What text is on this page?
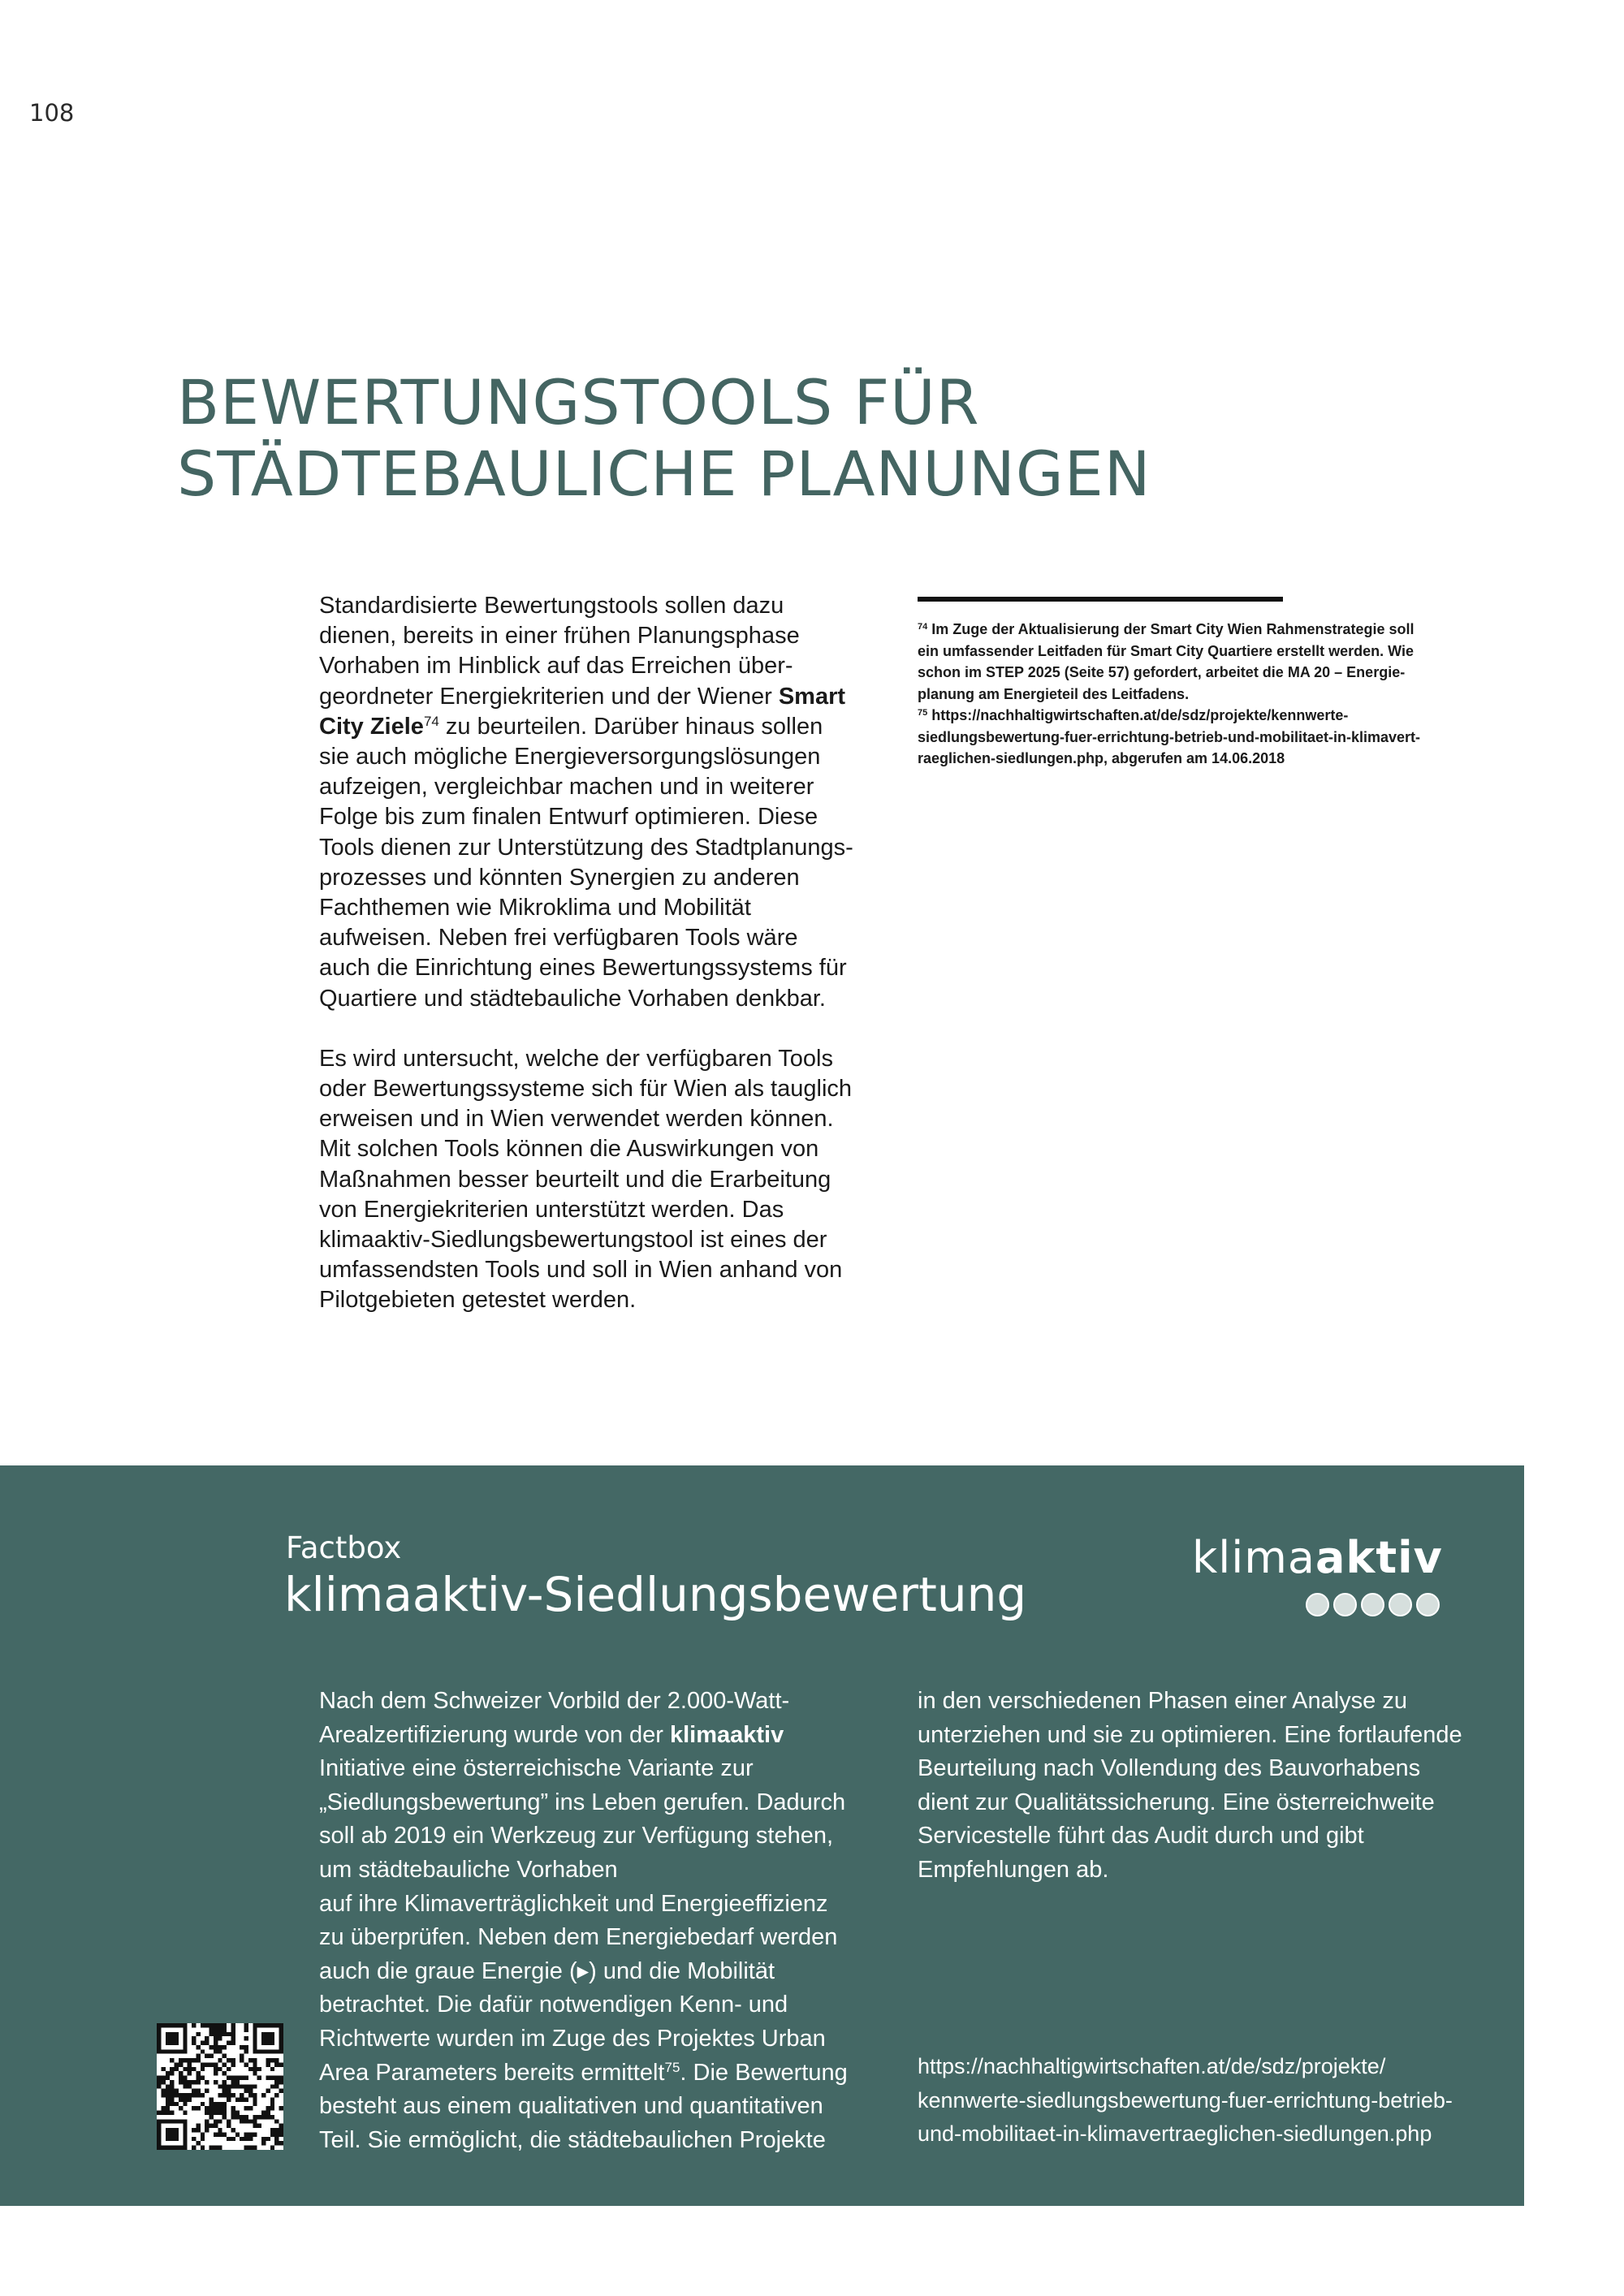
108
BEWERTUNGSTOOLS FÜR
STÄDTEBAULICHE PLANUNGEN

Standardisierte Bewertungstools sollen dazu
dienen, bereits in einer frühen Planungsphase
Vorhaben im Hinblick auf das Erreichen über-
geordneter Energiekriterien und der Wiener Smart
City Ziele$^{74}$ zu beurteilen. Darüber hinaus sollen
sie auch mögliche Energieversorgungslösungen
aufzeigen, vergleichbar machen und in weiterer
Folge bis zum finalen Entwurf optimieren. Diese
Tools dienen zur Unterstützung des Stadtplanungs-
prozesses und könnten Synergien zu anderen
Fachthemen wie Mikroklima und Mobilität
aufweisen. Neben frei verfügbaren Tools wäre
auch die Einrichtung eines Bewertungssystems für
Quartiere und städtebauliche Vorhaben denkbar.

Es wird untersucht, welche der verfügbaren Tools
oder Bewertungssysteme sich für Wien als tauglich
erweisen und in Wien verwendet werden können.
Mit solchen Tools können die Auswirkungen von
Maßnahmen besser beurteilt und die Erarbeitung
von Energiekriterien unterstützt werden. Das
klimaaktiv-Siedlungsbewertungstool ist eines der
umfassendsten Tools und soll in Wien anhand von
Pilotgebieten getestet werden.

$^{74}$ Im Zuge der Aktualisierung der Smart City Wien Rahmenstrategie soll
ein umfassender Leitfaden für Smart City Quartiere erstellt werden. Wie
schon im STEP 2025 (Seite 57) gefordert, arbeitet die MA 20 – Energie-
planung am Energieteil des Leitfadens.
$^{75}$ https://nachhaltigwirtschaften.at/de/sdz/projekte/kennwerte-
siedlungsbewertung-fuer-errichtung-betrieb-und-mobilitaet-in-klimavert-
raeglichen-siedlungen.php, abgerufen am 14.06.2018
Factbox
klimaaktiv-Siedlungsbewertung
klimaaktiv
Nach dem Schweizer Vorbild der 2.000-Watt-
Arealzertifizierung wurde von der klimaaktiv
Initiative eine österreichische Variante zur
„Siedlungsbewertung” ins Leben gerufen. Dadurch
soll ab 2019 ein Werkzeug zur Verfügung stehen,
um städtebauliche Vorhaben
auf ihre Klimaverträglichkeit und Energieeffizienz
zu überprüfen. Neben dem Energiebedarf werden
auch die graue Energie (▸) und die Mobilität
betrachtet. Die dafür notwendigen Kenn- und
Richtwerte wurden im Zuge des Projektes Urban
Area Parameters bereits ermittelt$^{75}$. Die Bewertung
besteht aus einem qualitativen und quantitativen
Teil. Sie ermöglicht, die städtebaulichen Projekte
in den verschiedenen Phasen einer Analyse zu
unterziehen und sie zu optimieren. Eine fortlaufende
Beurteilung nach Vollendung des Bauvorhabens
dient zur Qualitätssicherung. Eine österreichweite
Servicestelle führt das Audit durch und gibt
Empfehlungen ab.
https://nachhaltigwirtschaften.at/de/sdz/projekte/
kennwerte-siedlungsbewertung-fuer-errichtung-betrieb-
und-mobilitaet-in-klimavertraeglichen-siedlungen.php
